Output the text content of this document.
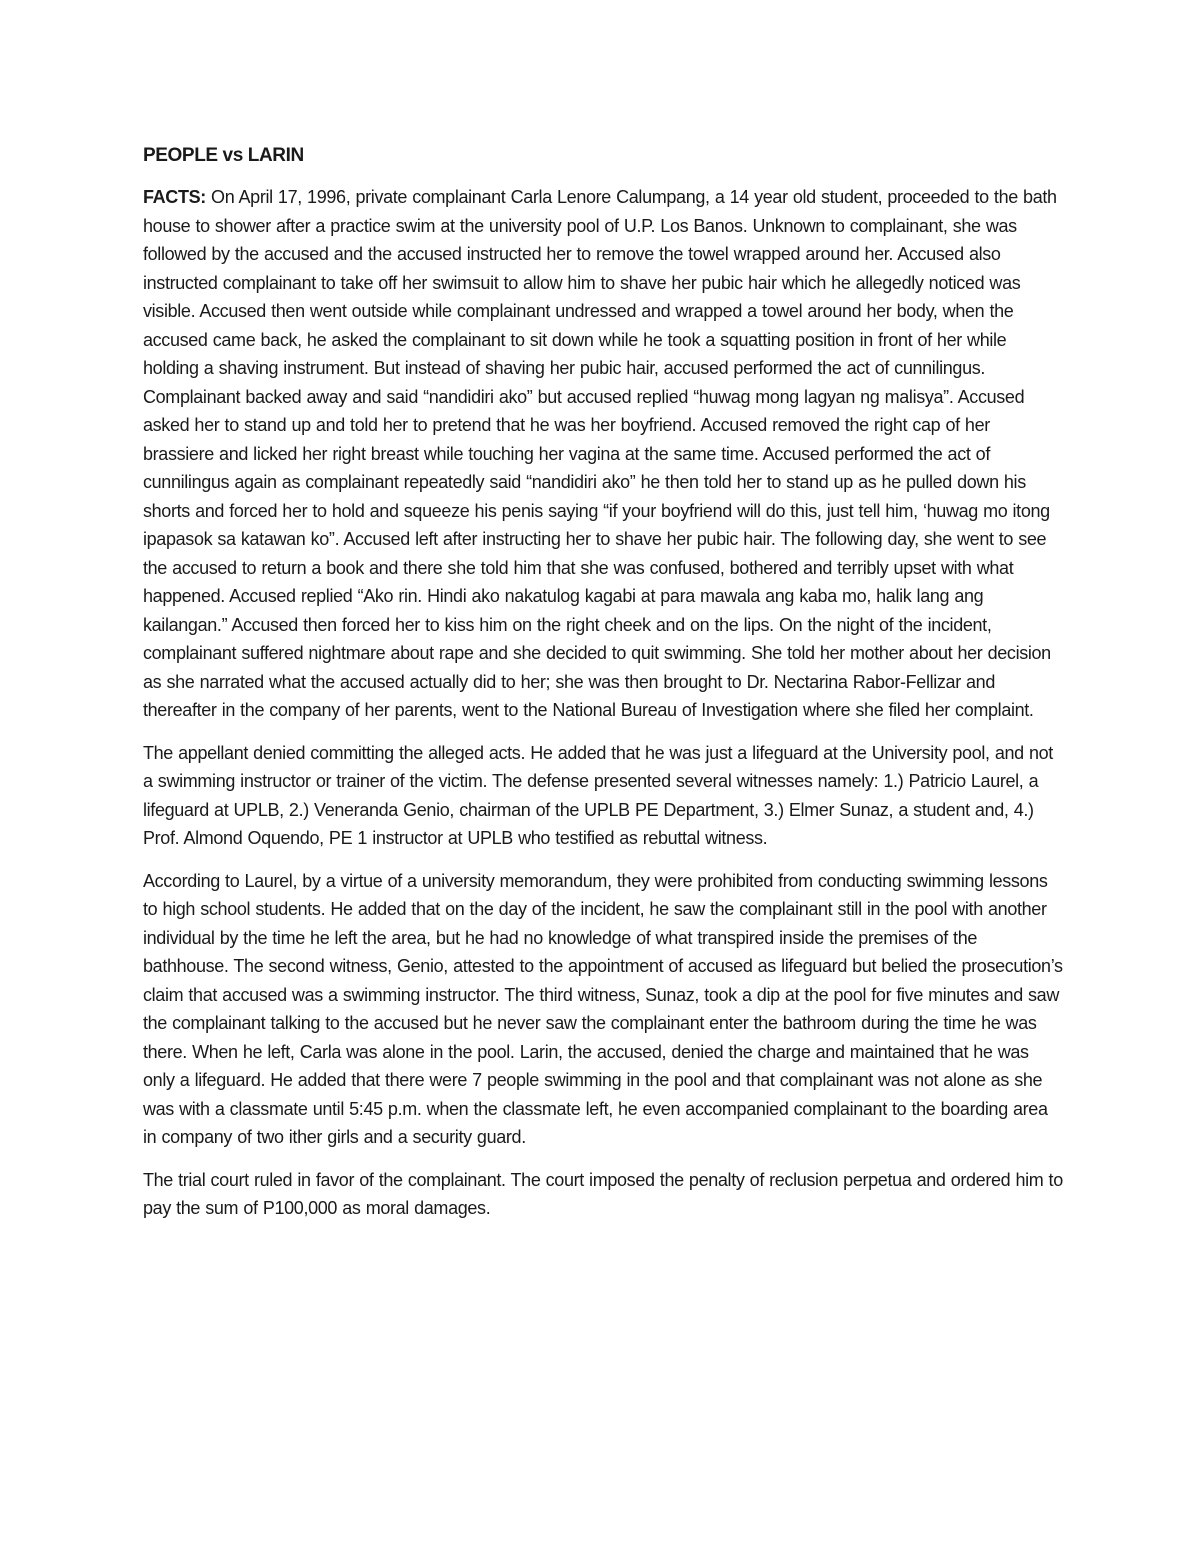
PEOPLE vs LARIN

FACTS: On April 17, 1996, private complainant Carla Lenore Calumpang, a 14 year old student, proceeded to the bath house to shower after a practice swim at the university pool of U.P. Los Banos. Unknown to complainant, she was followed by the accused and the accused instructed her to remove the towel wrapped around her. Accused also instructed complainant to take off her swimsuit to allow him to shave her pubic hair which he allegedly noticed was visible. Accused then went outside while complainant undressed and wrapped a towel around her body, when the accused came back, he asked the complainant to sit down while he took a squatting position in front of her while holding a shaving instrument. But instead of shaving her pubic hair, accused performed the act of cunnilingus. Complainant backed away and said “nandidiri ako” but accused replied “huwag mong lagyan ng malisya”. Accused asked her to stand up and told her to pretend that he was her boyfriend. Accused removed the right cap of her brassiere and licked her right breast while touching her vagina at the same time. Accused performed the act of cunnilingus again as complainant repeatedly said “nandidiri ako” he then told her to stand up as he pulled down his shorts and forced her to hold and squeeze his penis saying “if your boyfriend will do this, just tell him, ‘huwag mo itong ipapasok sa katawan ko”. Accused left after instructing her to shave her pubic hair. The following day, she went to see the accused to return a book and there she told him that she was confused, bothered and terribly upset with what happened. Accused replied “Ako rin. Hindi ako nakatulog kagabi at para mawala ang kaba mo, halik lang ang kailangan.” Accused then forced her to kiss him on the right cheek and on the lips. On the night of the incident, complainant suffered nightmare about rape and she decided to quit swimming. She told her mother about her decision as she narrated what the accused actually did to her; she was then brought to Dr. Nectarina Rabor-Fellizar and thereafter in the company of her parents, went to the National Bureau of Investigation where she filed her complaint.

The appellant denied committing the alleged acts. He added that he was just a lifeguard at the University pool, and not a swimming instructor or trainer of the victim. The defense presented several witnesses namely: 1.) Patricio Laurel, a lifeguard at UPLB, 2.) Veneranda Genio, chairman of the UPLB PE Department, 3.) Elmer Sunaz, a student and, 4.) Prof. Almond Oquendo, PE 1 instructor at UPLB who testified as rebuttal witness.

According to Laurel, by a virtue of a university memorandum, they were prohibited from conducting swimming lessons to high school students. He added that on the day of the incident, he saw the complainant still in the pool with another individual by the time he left the area, but he had no knowledge of what transpired inside the premises of the bathhouse. The second witness, Genio, attested to the appointment of accused as lifeguard but belied the prosecution’s claim that accused was a swimming instructor. The third witness, Sunaz, took a dip at the pool for five minutes and saw the complainant talking to the accused but he never saw the complainant enter the bathroom during the time he was there. When he left, Carla was alone in the pool. Larin, the accused, denied the charge and maintained that he was only a lifeguard. He added that there were 7 people swimming in the pool and that complainant was not alone as she was with a classmate until 5:45 p.m. when the classmate left, he even accompanied complainant to the boarding area in company of two ither girls and a security guard.

The trial court ruled in favor of the complainant. The court imposed the penalty of reclusion perpetua and ordered him to pay the sum of P100,000 as moral damages.
